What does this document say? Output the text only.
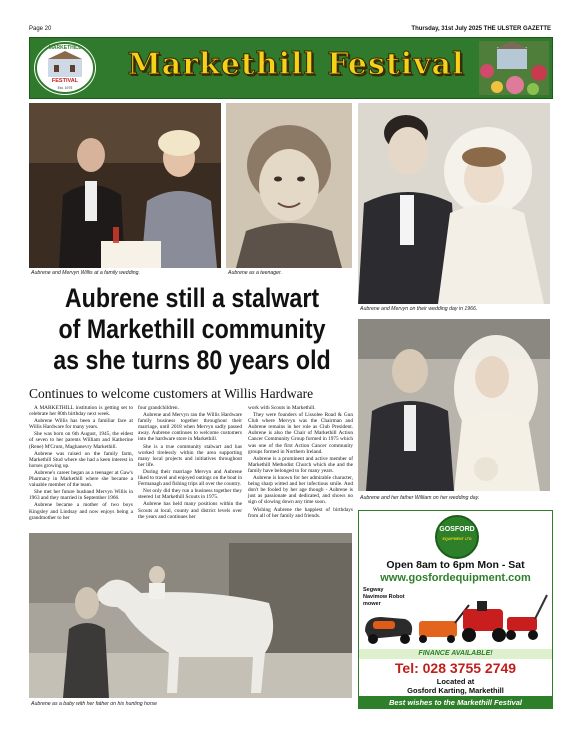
Page 20	Thursday, 31st July 2025 THE ULSTER GAZETTE
MARKETHILL
FESTIVAL
Est. 1975
Markethill Festival
Aubrene and Mervyn Willis at a family wedding.	Aubrene as a teenager.
Aubrene and Mervyn on their wedding day in 1966.
Aubrene still a stalwart of Markethill community as she turns 80 years old
Aubrene and her father William on her wedding day.
Continues to welcome customers at Willis Hardware

A MARKETHILL institution is getting set to celebrate her 80th birthday next week.

Aubrene Willis has been a familiar face at Willis Hardware for many years.

She was born on 6th August, 1945, the eldest of seven to her parents William and Katherine (Rene) M'Crum, Maghanevry Markethill.

Aubrene was raised on the family farm, Markethill Stud where she had a keen interest in horses growing up.

Aubrene's career began as a teenager at Gaw's Pharmacy in Markethill where she became a valuable member of the team.

She met her future husband Mervyn Willis in 1963 and they married in September 1966.

Aubrene became a mother of two boys Kingsley and Lindsay and now enjoys being a grandmother to her

four grandchildren.

Aubrene and Mervyn ran the Willis Hardware family business together throughout their marriage, until 2018 when Mervyn sadly passed away. Aubrene continues to welcome customers into the hardware store in Markethill.

She is a true community stalwart and has worked tirelessly within the area supporting many local projects and initiatives throughout her life.

During their marriage Mervyn and Aubrene liked to travel and enjoyed outings on the boat in Fermanagh and fishing trips all over the country.

Not only did they run a business together they steered 1st Markethill Scouts in 1975.

Aubrene has held many positions within the Scouts at local, county and district levels over the years and continues her

work with Scouts in Markethill.

They were founders of Lissolee Road & Gun Club where Mervyn was the Chairman and Aubrene remains in her role as Club President. Aubrene is also the Chair of Markethill Action Cancer Community Group formed in 1975 which was one of the first Action Cancer community groups formed in Northern Ireland.

Aubrene is a prominent and active member of Markethill Methodist Church which she and the family have belonged to for many years.

Aubrene is known for her admirable character, being sharp witted and her infectious smile. And don't be fooled by her age though - Aubrene is just as passionate and dedicated, and shows no sign of slowing down any time soon.

Wishing Aubrene the happiest of birthdays from all of her family and friends.

Aubrene as a baby with her father on his hunting horse
GOSFORD
EQUIPMENT LTD
Open 8am to 6pm Mon - Sat
www.gosfordequipment.com
Segway Navimow Robot mower
FINANCE AVAILABLE!
Tel: 028 3755 2749
Located at
Gosford Karting, Markethill
Best wishes to the Markethill Festival
